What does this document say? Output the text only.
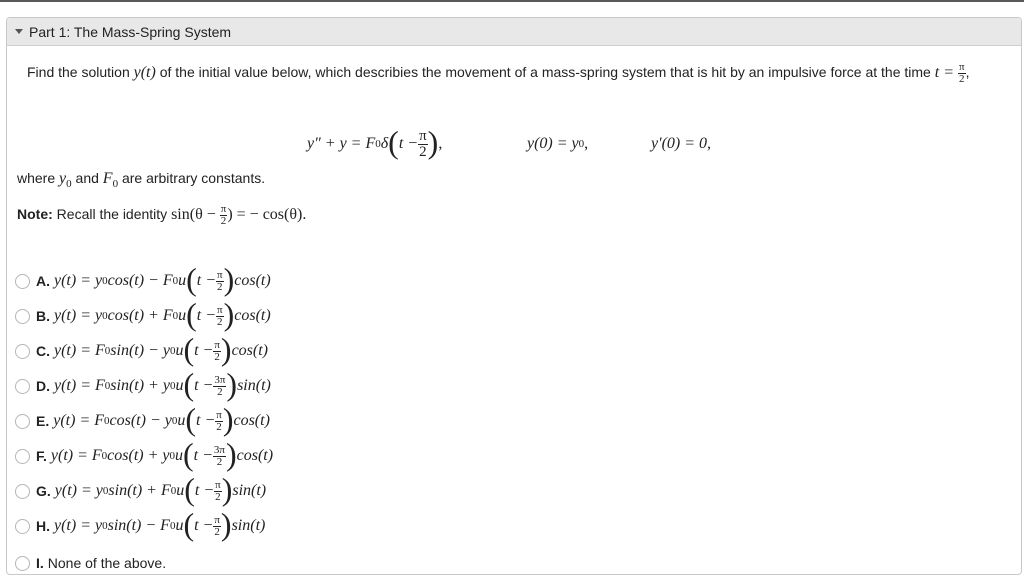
Part 1: The Mass-Spring System
Find the solution y(t) of the initial value below, which describies the movement of a mass-spring system that is hit by an impulsive force at the time $t = \frac{\pi}{2}$ ,
y″ + y = F 0 δ ( $t - \frac{\pi}{2}$ ) ,	y(0) = y 0 ,	y′(0) = 0,
where $y_0$ and $F_0$ are arbitrary constants.
Note: Recall the identity $\sin(\theta - \frac{\pi}{2}$ ) = − cos(θ).
A. y(t) = y 0 cos(t) − F 0 u ( $t - \frac{\pi}{2}$ ) cos(t)
B. y(t) = y 0 cos(t) + F 0 u ( $t - \frac{\pi}{2}$ ) cos(t)
C. y(t) = F 0 sin(t) − y 0 u ( $t - \frac{\pi}{2}$ ) cos(t)
D. y(t) = F 0 sin(t) + y 0 u ( $t - \frac{3\pi}{2}$ ) sin(t)
E. y(t) = F 0 cos(t) − y 0 u ( $t - \frac{\pi}{2}$ ) cos(t)
F. y(t) = F 0 cos(t) + y 0 u ( $t - \frac{3\pi}{2}$ ) cos(t)
G. y(t) = y 0 sin(t) + F 0 u ( $t - \frac{\pi}{2}$ ) sin(t)
H. y(t) = y 0 sin(t) − F 0 u ( $t - \frac{\pi}{2}$ ) sin(t)
I. None of the above.
